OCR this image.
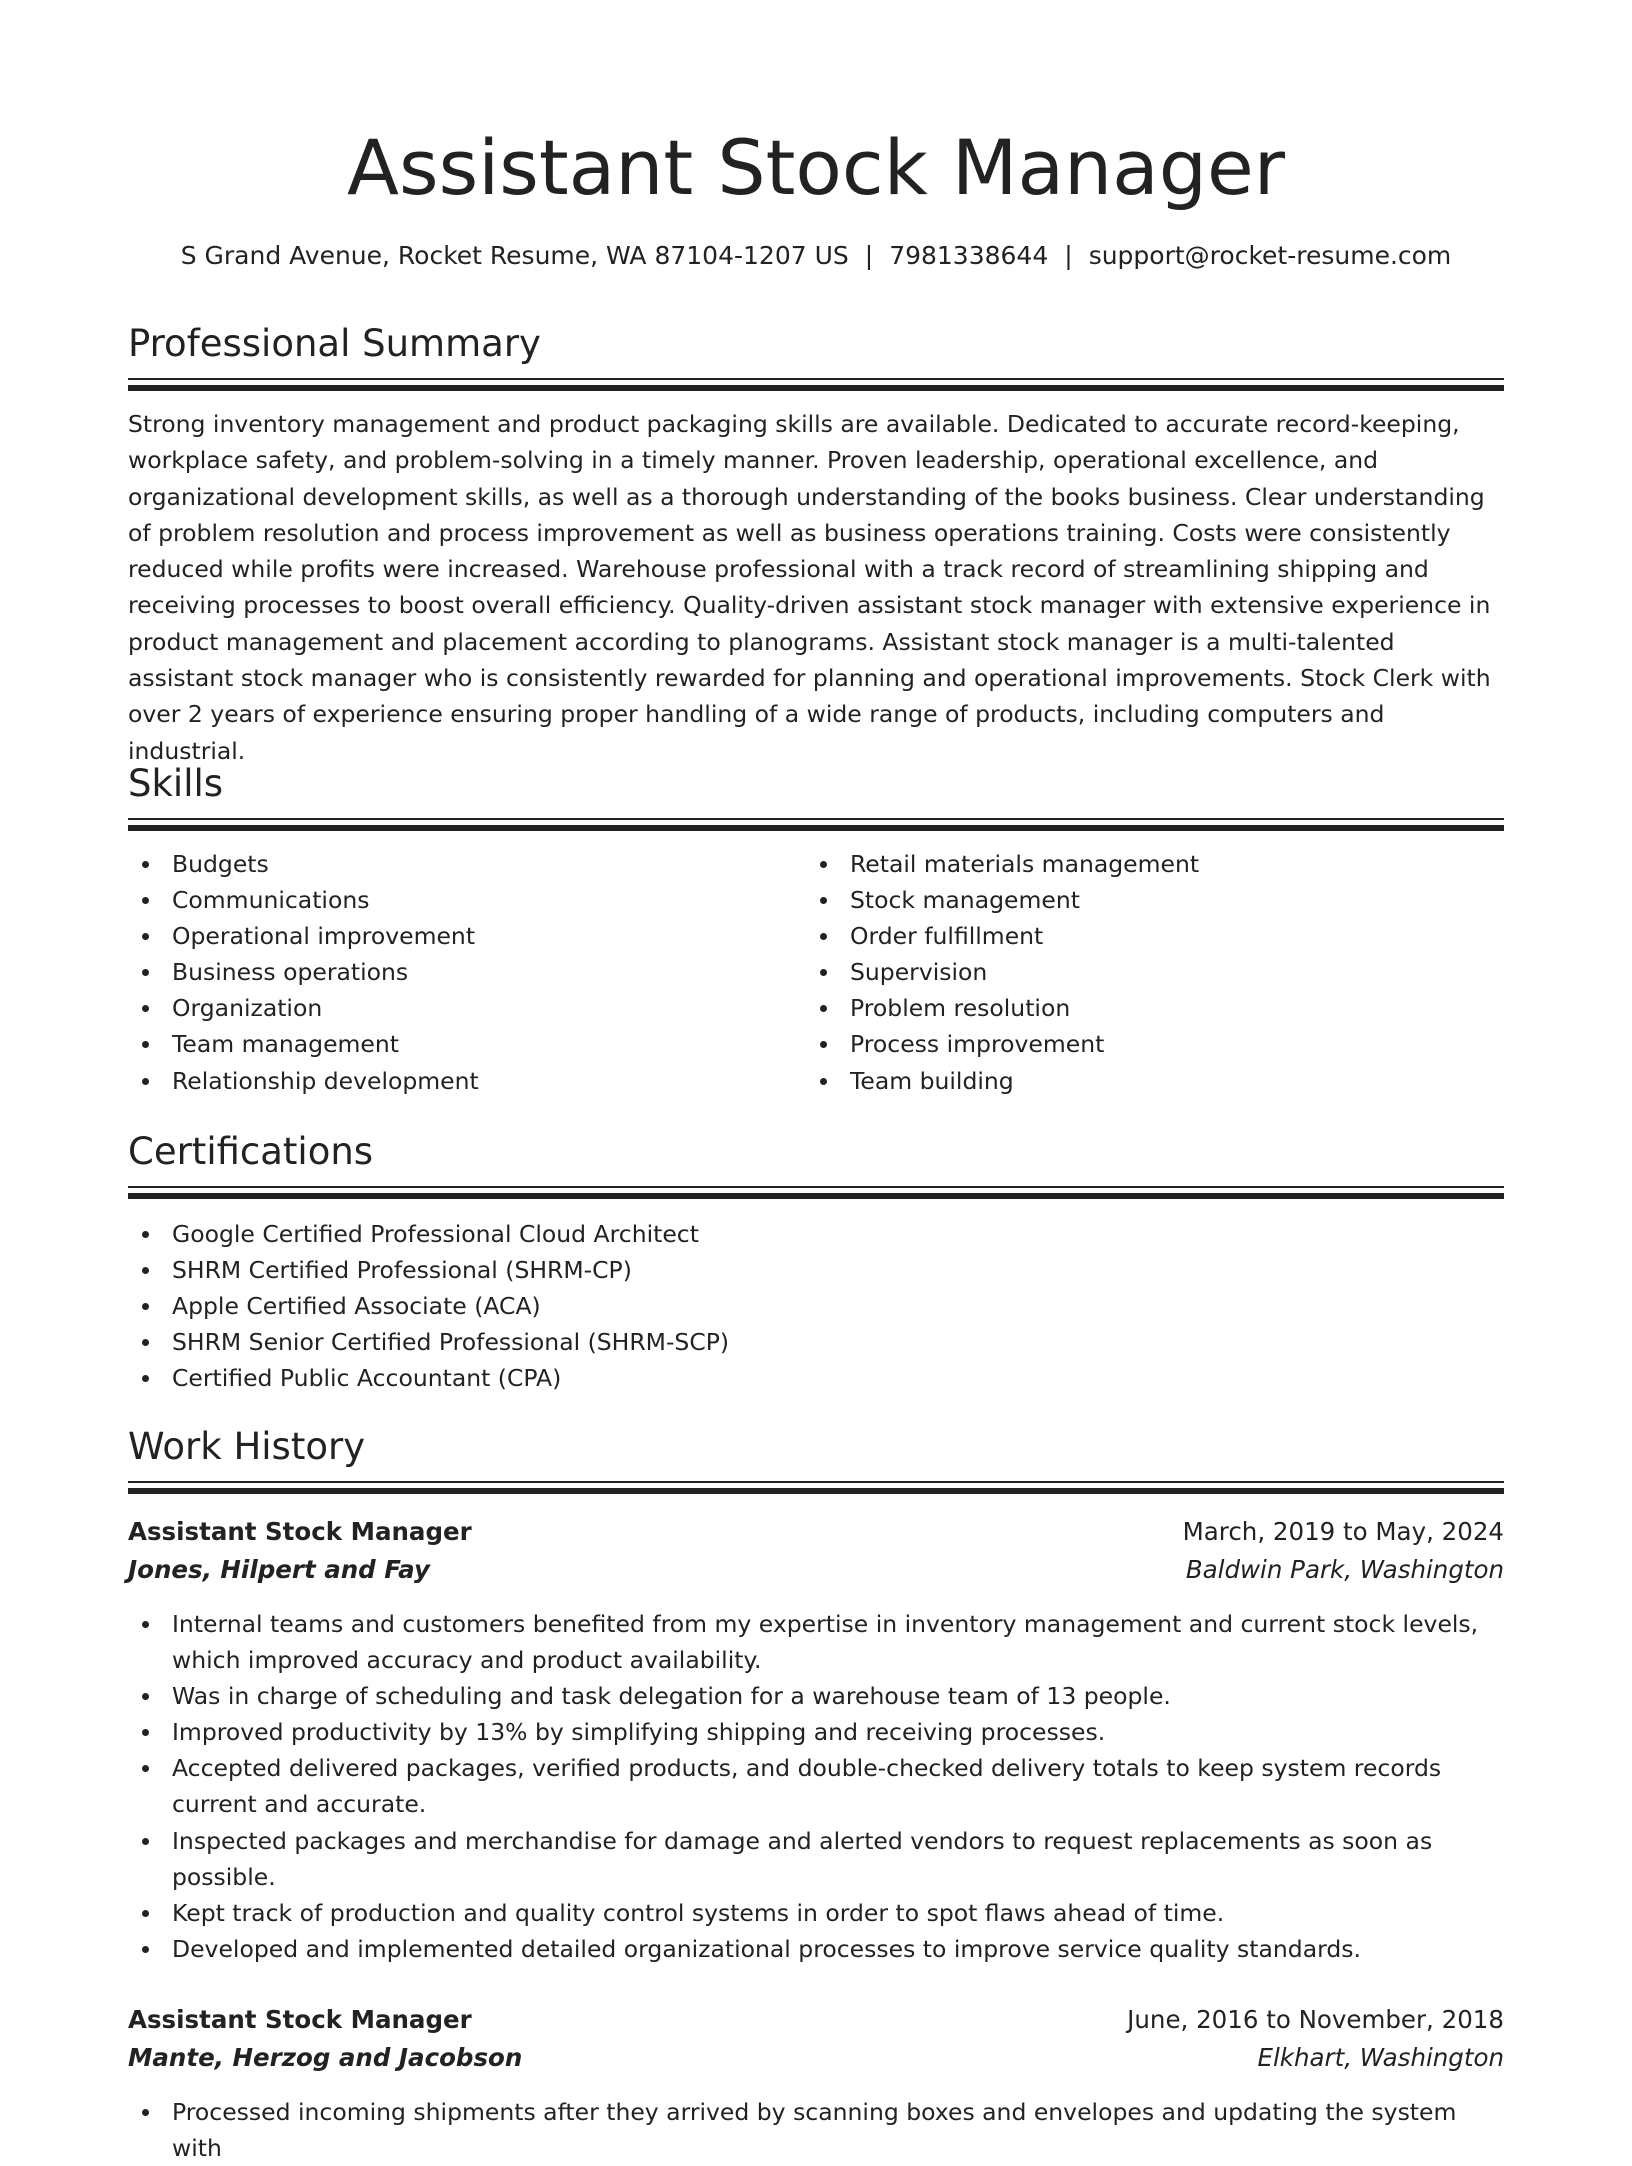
Assistant Stock Manager
S Grand Avenue, Rocket Resume, WA 87104-1207 US | 7981338644 | support@rocket-resume.com
Professional Summary

Strong inventory management and product packaging skills are available. Dedicated to accurate record-keeping, workplace safety, and problem-solving in a timely manner. Proven leadership, operational excellence, and organizational development skills, as well as a thorough understanding of the books business. Clear understanding of problem resolution and process improvement as well as business operations training. Costs were consistently reduced while profits were increased. Warehouse professional with a track record of streamlining shipping and receiving processes to boost overall efficiency. Quality-driven assistant stock manager with extensive experience in product management and placement according to planograms. Assistant stock manager is a multi-talented assistant stock manager who is consistently rewarded for planning and operational improvements. Stock Clerk with over 2 years of experience ensuring proper handling of a wide range of products, including computers and industrial.

Skills
Budgets
Communications
Operational improvement
Business operations
Organization
Team management
Relationship development
Retail materials management
Stock management
Order fulfillment
Supervision
Problem resolution
Process improvement
Team building
Certifications
Google Certified Professional Cloud Architect
SHRM Certified Professional (SHRM-CP)
Apple Certified Associate (ACA)
SHRM Senior Certified Professional (SHRM-SCP)
Certified Public Accountant (CPA)
Work History
Assistant Stock Manager	March, 2019 to May, 2024
Jones, Hilpert and Fay	Baldwin Park, Washington
Internal teams and customers benefited from my expertise in inventory management and current stock levels, which improved accuracy and product availability.
Was in charge of scheduling and task delegation for a warehouse team of 13 people.
Improved productivity by 13% by simplifying shipping and receiving processes.
Accepted delivered packages, verified products, and double-checked delivery totals to keep system records current and accurate.
Inspected packages and merchandise for damage and alerted vendors to request replacements as soon as possible.
Kept track of production and quality control systems in order to spot flaws ahead of time.
Developed and implemented detailed organizational processes to improve service quality standards.
Assistant Stock Manager	June, 2016 to November, 2018
Mante, Herzog and Jacobson	Elkhart, Washington
Processed incoming shipments after they arrived by scanning boxes and envelopes and updating the system with
